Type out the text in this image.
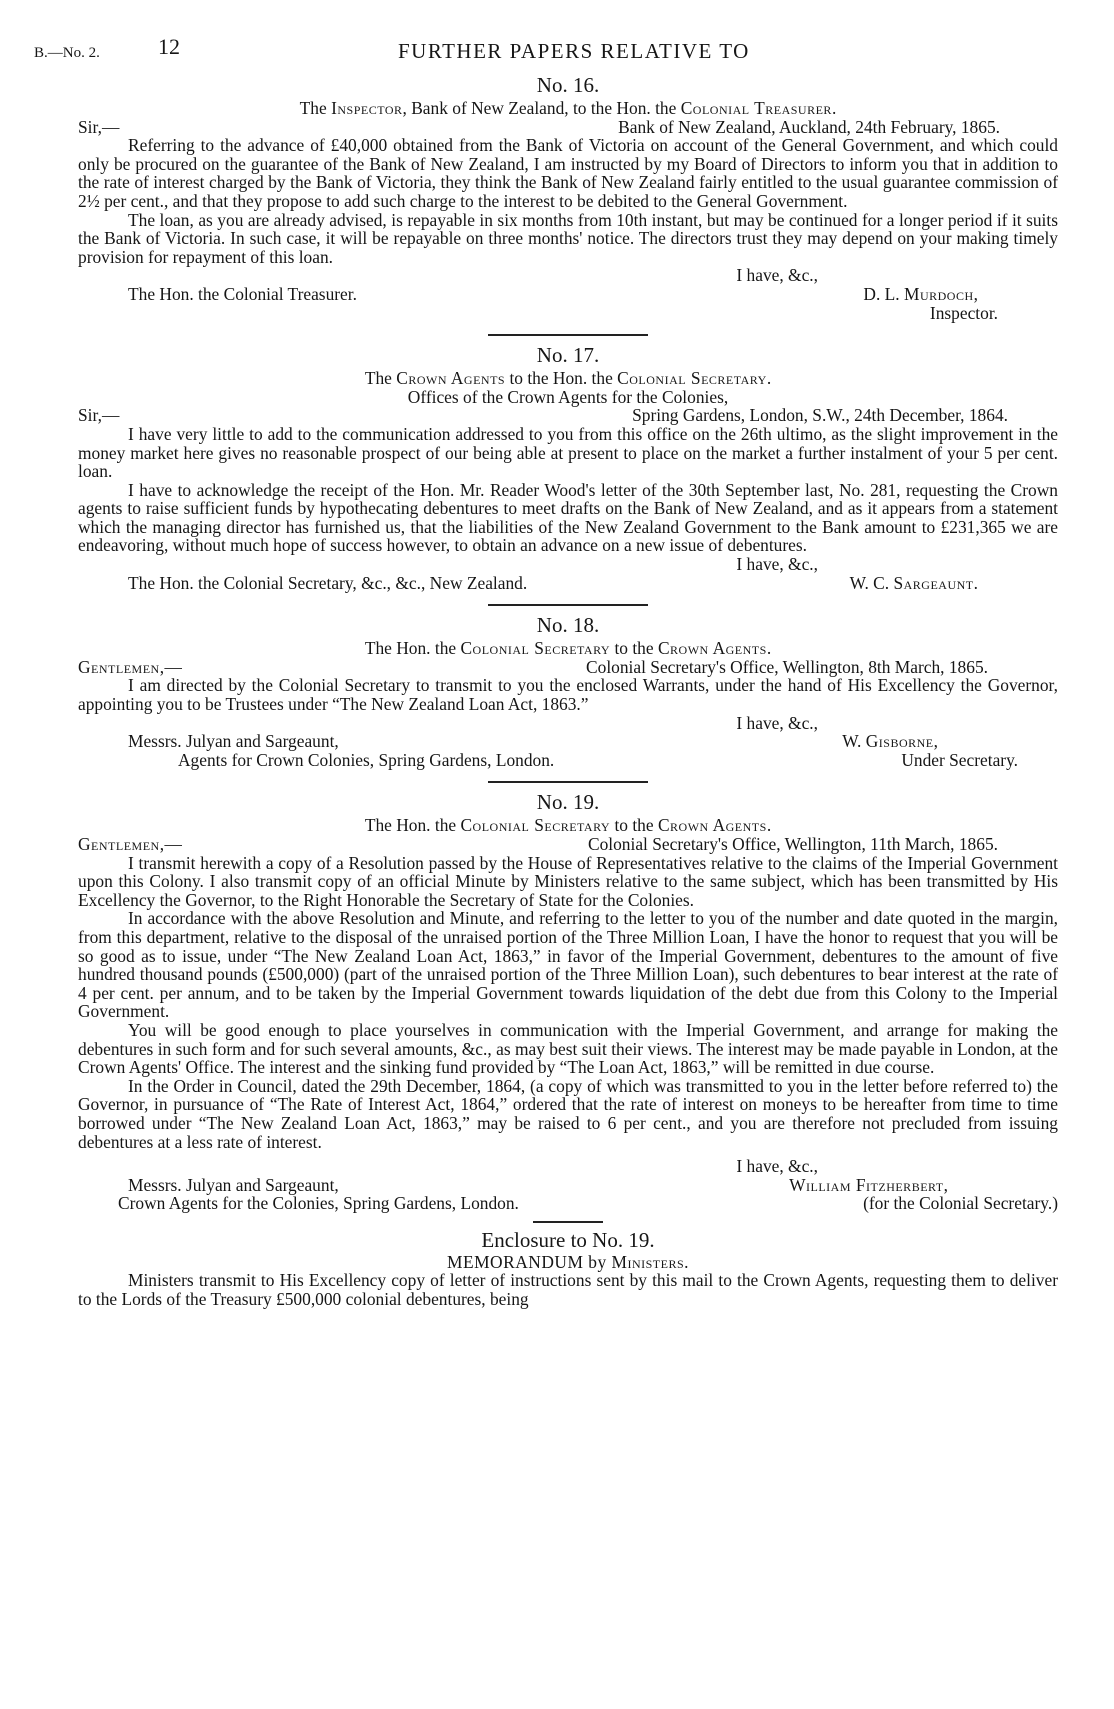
B.—No. 2.	12	FURTHER PAPERS RELATIVE TO
No. 16.
The Inspector, Bank of New Zealand, to the Hon. the Colonial Treasurer.
Sir,—	Bank of New Zealand, Auckland, 24th February, 1865.

Referring to the advance of £40,000 obtained from the Bank of Victoria on account of the General Government, and which could only be procured on the guarantee of the Bank of New Zealand, I am instructed by my Board of Directors to inform you that in addition to the rate of interest charged by the Bank of Victoria, they think the Bank of New Zealand fairly entitled to the usual guarantee commission of 2½ per cent., and that they propose to add such charge to the interest to be debited to the General Government.

The loan, as you are already advised, is repayable in six months from 10th instant, but may be continued for a longer period if it suits the Bank of Victoria. In such case, it will be repayable on three months' notice. The directors trust they may depend on your making timely provision for repayment of this loan.

I have, &c.,
The Hon. the Colonial Treasurer.	D. L. Murdoch,
Inspector.
No. 17.
The Crown Agents to the Hon. the Colonial Secretary.
Offices of the Crown Agents for the Colonies,
Sir,—	Spring Gardens, London, S.W., 24th December, 1864.

I have very little to add to the communication addressed to you from this office on the 26th ultimo, as the slight improvement in the money market here gives no reasonable prospect of our being able at present to place on the market a further instalment of your 5 per cent. loan.

I have to acknowledge the receipt of the Hon. Mr. Reader Wood's letter of the 30th September last, No. 281, requesting the Crown agents to raise sufficient funds by hypothecating debentures to meet drafts on the Bank of New Zealand, and as it appears from a statement which the managing director has furnished us, that the liabilities of the New Zealand Government to the Bank amount to £231,365 we are endeavoring, without much hope of success however, to obtain an advance on a new issue of debentures.

I have, &c.,
The Hon. the Colonial Secretary, &c., &c., New Zealand.	W. C. Sargeaunt.
No. 18.
The Hon. the Colonial Secretary to the Crown Agents.
Gentlemen,—	Colonial Secretary's Office, Wellington, 8th March, 1865.

I am directed by the Colonial Secretary to transmit to you the enclosed Warrants, under the hand of His Excellency the Governor, appointing you to be Trustees under “The New Zealand Loan Act, 1863.”

I have, &c.,
Messrs. Julyan and Sargeaunt,	W. Gisborne,
Agents for Crown Colonies, Spring Gardens, London.	Under Secretary.
No. 19.
The Hon. the Colonial Secretary to the Crown Agents.
Gentlemen,—	Colonial Secretary's Office, Wellington, 11th March, 1865.

I transmit herewith a copy of a Resolution passed by the House of Representatives relative to the claims of the Imperial Government upon this Colony. I also transmit copy of an official Minute by Ministers relative to the same subject, which has been transmitted by His Excellency the Governor, to the Right Honorable the Secretary of State for the Colonies.

In accordance with the above Resolution and Minute, and referring to the letter to you of the number and date quoted in the margin, from this department, relative to the disposal of the unraised portion of the Three Million Loan, I have the honor to request that you will be so good as to issue, under “The New Zealand Loan Act, 1863,” in favor of the Imperial Government, debentures to the amount of five hundred thousand pounds (£500,000) (part of the unraised portion of the Three Million Loan), such debentures to bear interest at the rate of 4 per cent. per annum, and to be taken by the Imperial Government towards liquidation of the debt due from this Colony to the Imperial Government.

You will be good enough to place yourselves in communication with the Imperial Government, and arrange for making the debentures in such form and for such several amounts, &c., as may best suit their views. The interest may be made payable in London, at the Crown Agents' Office. The interest and the sinking fund provided by “The Loan Act, 1863,” will be remitted in due course.

In the Order in Council, dated the 29th December, 1864, (a copy of which was transmitted to you in the letter before referred to) the Governor, in pursuance of “The Rate of Interest Act, 1864,” ordered that the rate of interest on moneys to be hereafter from time to time borrowed under “The New Zealand Loan Act, 1863,” may be raised to 6 per cent., and you are therefore not precluded from issuing debentures at a less rate of interest.

I have, &c.,
Messrs. Julyan and Sargeaunt,	William Fitzherbert,
Crown Agents for the Colonies, Spring Gardens, London.	(for the Colonial Secretary.)
Enclosure to No. 19.
MEMORANDUM by Ministers.

Ministers transmit to His Excellency copy of letter of instructions sent by this mail to the Crown Agents, requesting them to deliver to the Lords of the Treasury £500,000 colonial debentures, being
